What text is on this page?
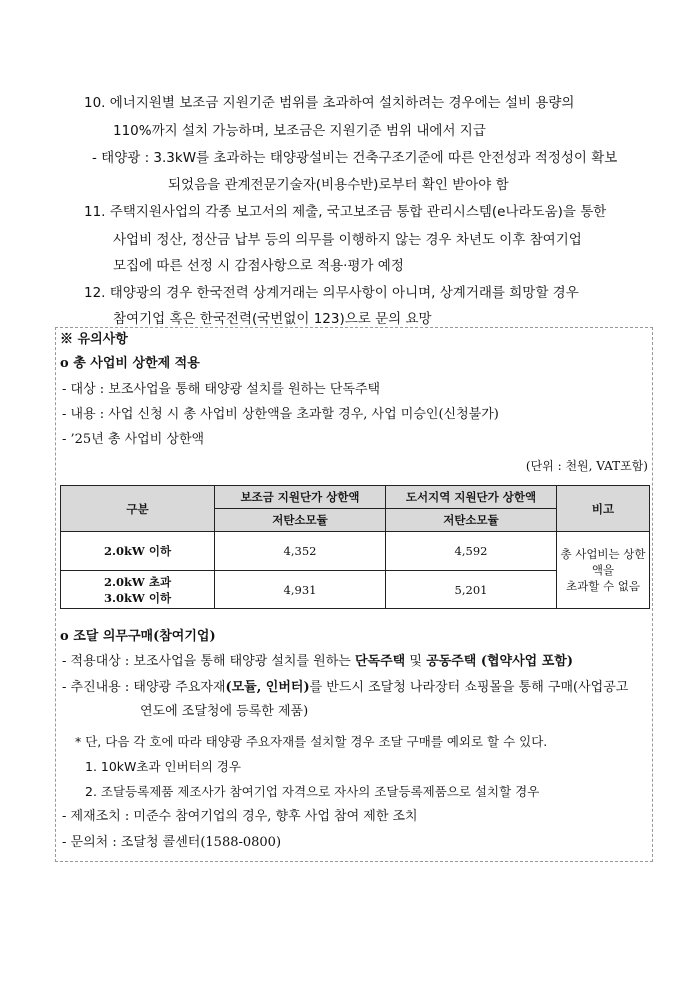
10. 에너지원별 보조금 지원기준 범위를 초과하여 설치하려는 경우에는 설비 용량의
110%까지 설치 가능하며, 보조금은 지원기준 범위 내에서 지급
- 태양광 : 3.3kW를 초과하는 태양광설비는 건축구조기준에 따른 안전성과 적정성이 확보
되었음을 관계전문기술자(비용수반)로부터 확인 받아야 함
11. 주택지원사업의 각종 보고서의 제출, 국고보조금 통합 관리시스템(e나라도움)을 통한
사업비 정산, 정산금 납부 등의 의무를 이행하지 않는 경우 차년도 이후 참여기업
모집에 따른 선정 시 감점사항으로 적용·평가 예정
12. 태양광의 경우 한국전력 상계거래는 의무사항이 아니며, 상계거래를 희망할 경우
참여기업 혹은 한국전력(국번없이 123)으로 문의 요망
※ 유의사항
o 총 사업비 상한제 적용
- 대상 : 보조사업을 통해 태양광 설치를 원하는 단독주택
- 내용 : 사업 신청 시 총 사업비 상한액을 초과할 경우, 사업 미승인(신청불가)
- ’25년 총 사업비 상한액
(단위 : 천원, VAT포함)
구분	보조금 지원단가 상한액	도서지역 지원단가 상한액	비고
	저탄소모듈	저탄소모듈	
2.0kW 이하	4,352	4,592	총 사업비는 상한액을
초과할 수 없음
2.0kW 초과
3.0kW 이하	4,931	5,201	
o 조달 의무구매(참여기업)
- 적용대상 : 보조사업을 통해 태양광 설치를 원하는 단독주택 및 공동주택 (협약사업 포함)
- 추진내용 : 태양광 주요자재(모듈, 인버터)를 반드시 조달청 나라장터 쇼핑몰을 통해 구매(사업공고
연도에 조달청에 등록한 제품)
* 단, 다음 각 호에 따라 태양광 주요자재를 설치할 경우 조달 구매를 예외로 할 수 있다.
1. 10kW초과 인버터의 경우
2. 조달등록제품 제조사가 참여기업 자격으로 자사의 조달등록제품으로 설치할 경우
- 제재조치 : 미준수 참여기업의 경우, 향후 사업 참여 제한 조치
- 문의처 : 조달청 콜센터(1588-0800)
